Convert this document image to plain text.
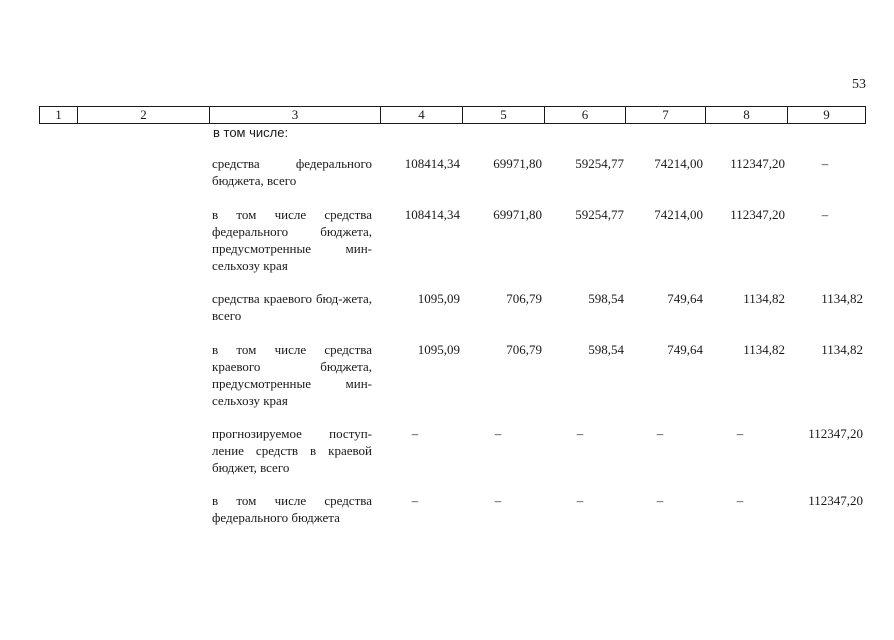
53
1	2	3	4	5	6	7	8	9
в том числе:
средства федерального бюджета, всего
108414,34	69971,80	59254,77	74214,00	112347,20	–
в том числе средства федерального бюджета, предусмотренные мин-сельхозу края
108414,34	69971,80	59254,77	74214,00	112347,20	–
средства краевого бюд-жета, всего
1095,09	706,79	598,54	749,64	1134,82	1134,82
в том числе средства краевого бюджета, предусмотренные мин-сельхозу края
1095,09	706,79	598,54	749,64	1134,82	1134,82
прогнозируемое поступ-ление средств в краевой бюджет, всего
–	–	–	–	–	112347,20
в том числе средства федерального бюджета
–	–	–	–	–	112347,20
